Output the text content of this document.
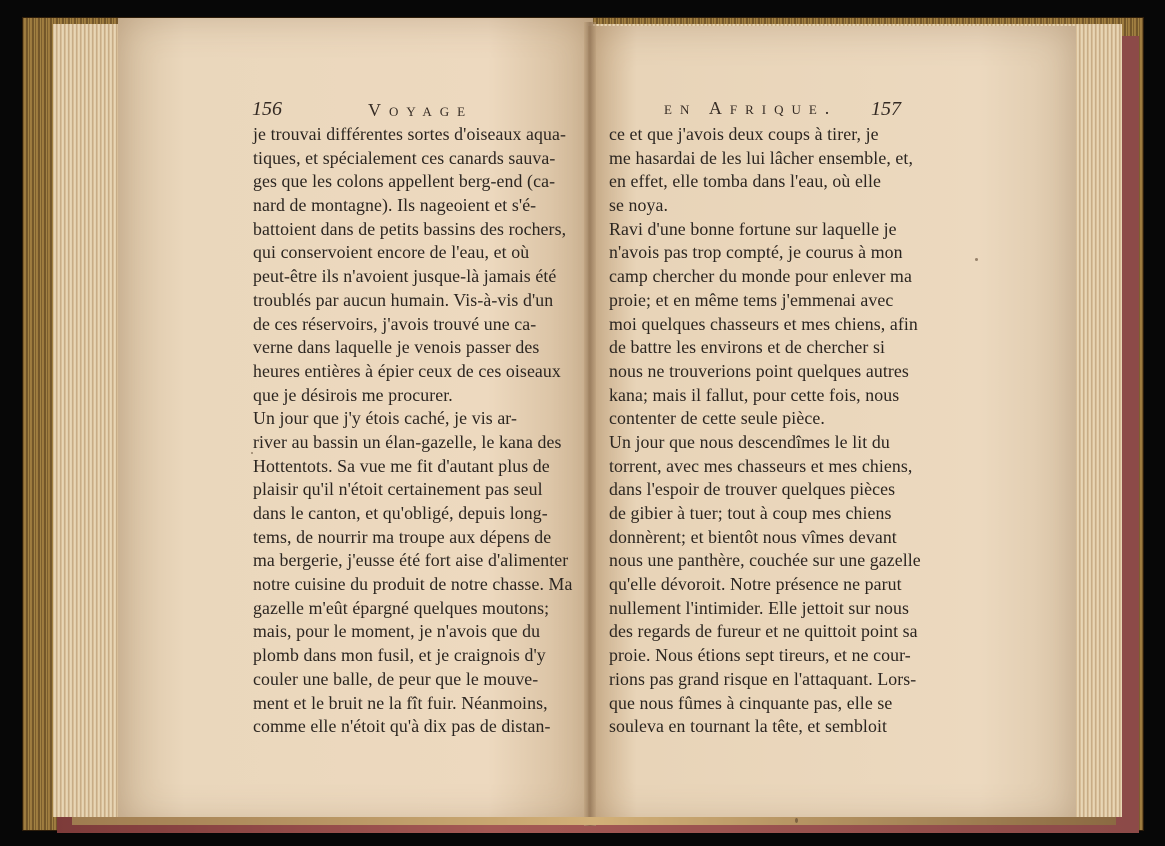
156	Voyage	en Afrique. 157
je trouvai différentes sortes d'oiseaux aqua-
tiques, et spécialement ces canards sauva-
ges que les colons appellent berg-end (ca-
nard de montagne). Ils nageoient et s'é-
battoient dans de petits bassins des rochers,
qui conservoient encore de l'eau, et où
peut-être ils n'avoient jusque-là jamais été
troublés par aucun humain. Vis-à-vis d'un
de ces réservoirs, j'avois trouvé une ca-
verne dans laquelle je venois passer des
heures entières à épier ceux de ces oiseaux
que je désirois me procurer.
Un jour que j'y étois caché, je vis ar-
river au bassin un élan-gazelle, le kana des
Hottentots. Sa vue me fit d'autant plus de
plaisir qu'il n'étoit certainement pas seul
dans le canton, et qu'obligé, depuis long-
tems, de nourrir ma troupe aux dépens de
ma bergerie, j'eusse été fort aise d'alimenter
notre cuisine du produit de notre chasse. Ma
gazelle m'eût épargné quelques moutons;
mais, pour le moment, je n'avois que du
plomb dans mon fusil, et je craignois d'y
couler une balle, de peur que le mouve-
ment et le bruit ne la fît fuir. Néanmoins,
comme elle n'étoit qu'à dix pas de distan-
ce et que j'avois deux coups à tirer, je
me hasardai de les lui lâcher ensemble, et,
en effet, elle tomba dans l'eau, où elle
se noya.
Ravi d'une bonne fortune sur laquelle je
n'avois pas trop compté, je courus à mon
camp chercher du monde pour enlever ma
proie; et en même tems j'emmenai avec
moi quelques chasseurs et mes chiens, afin
de battre les environs et de chercher si
nous ne trouverions point quelques autres
kana; mais il fallut, pour cette fois, nous
contenter de cette seule pièce.
Un jour que nous descendîmes le lit du
torrent, avec mes chasseurs et mes chiens,
dans l'espoir de trouver quelques pièces
de gibier à tuer; tout à coup mes chiens
donnèrent; et bientôt nous vîmes devant
nous une panthère, couchée sur une gazelle
qu'elle dévoroit. Notre présence ne parut
nullement l'intimider. Elle jettoit sur nous
des regards de fureur et ne quittoit point sa
proie. Nous étions sept tireurs, et ne cour-
rions pas grand risque en l'attaquant. Lors-
que nous fûmes à cinquante pas, elle se
souleva en tournant la tête, et sembloit
